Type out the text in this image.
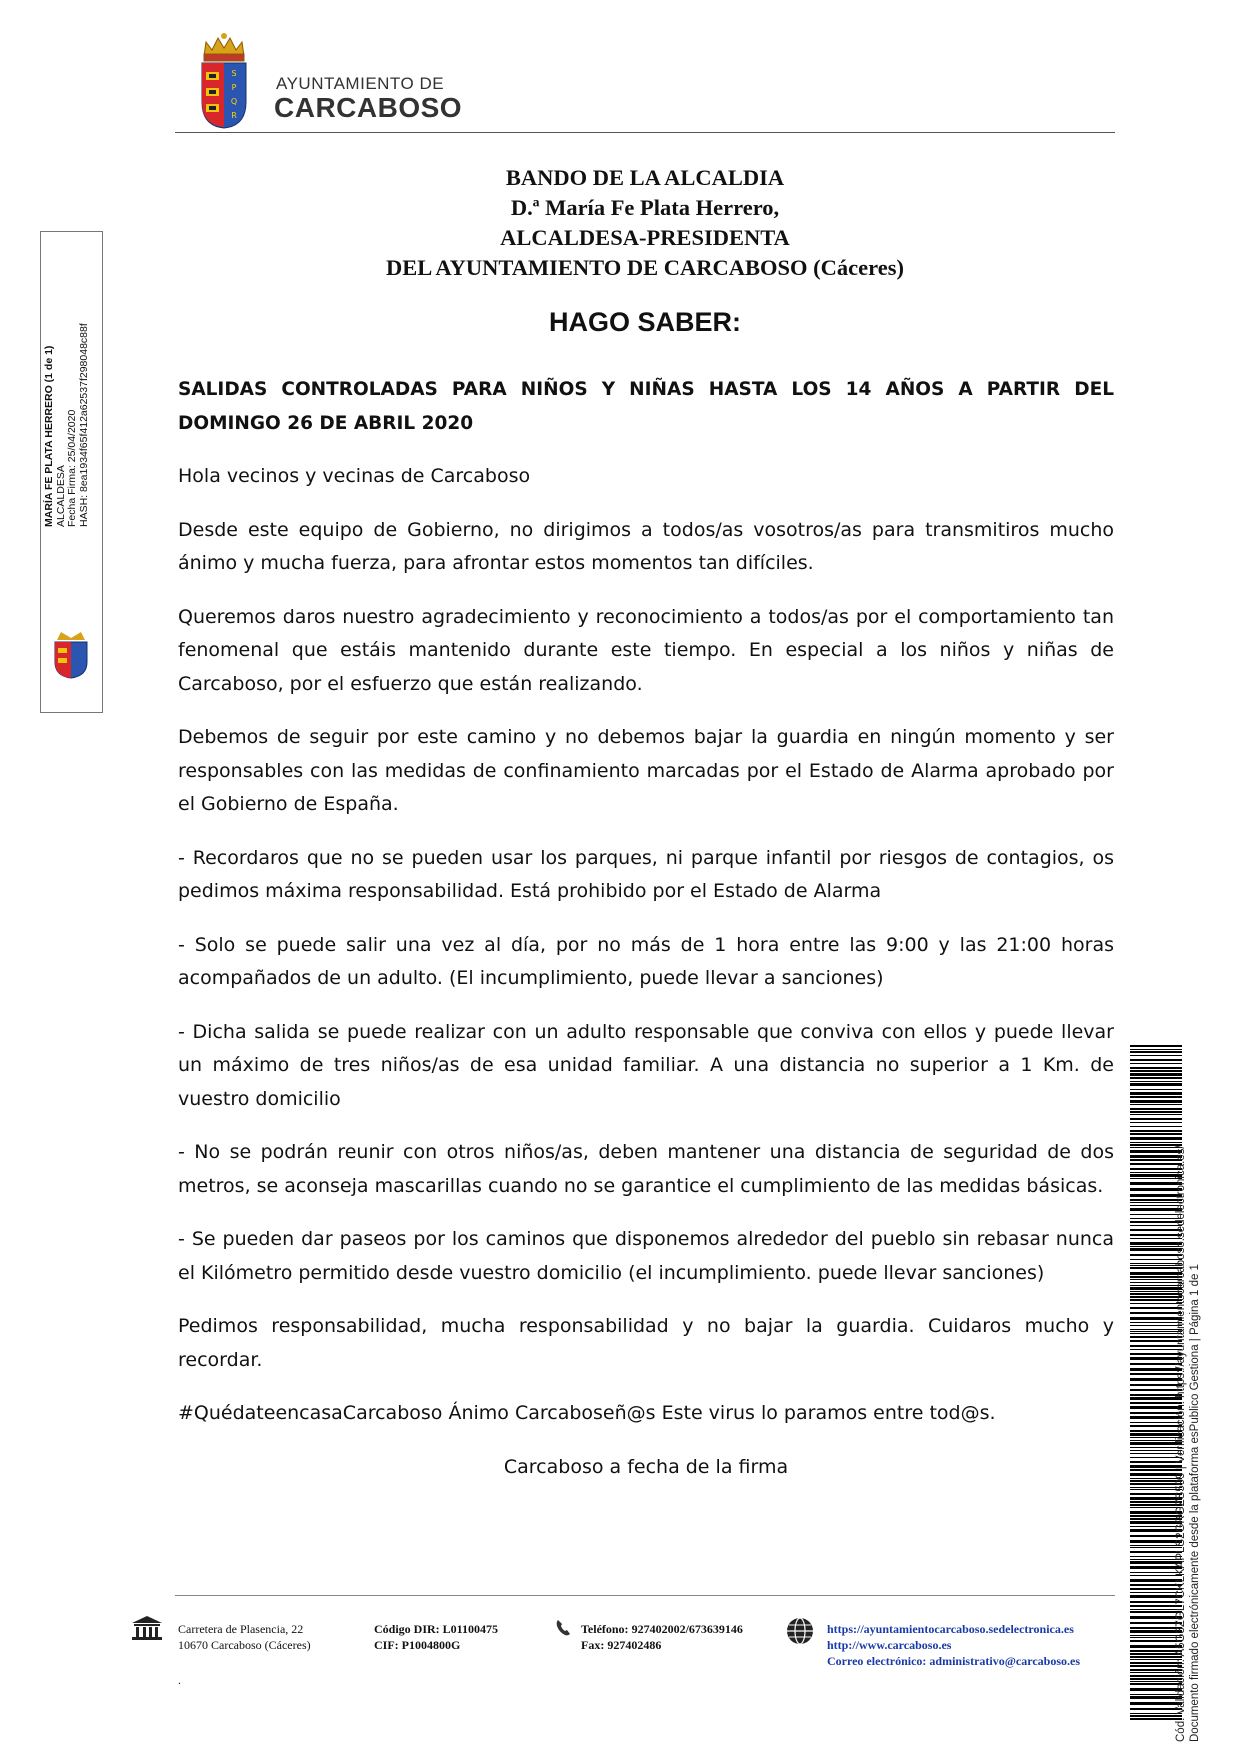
S
P
Q
R
AYUNTAMIENTO DE
CARCABOSO
BANDO DE LA ALCALDIA
D.ª María Fe Plata Herrero,
ALCALDESA-PRESIDENTA
DEL AYUNTAMIENTO DE CARCABOSO (Cáceres)
HAGO SABER:

SALIDAS CONTROLADAS PARA NIÑOS Y NIÑAS HASTA LOS 14 AÑOS A PARTIR DEL DOMINGO 26 DE ABRIL 2020

Hola vecinos y vecinas de Carcaboso

Desde este equipo de Gobierno, no dirigimos a todos/as vosotros/as para transmitiros mucho ánimo y mucha fuerza, para afrontar estos momentos tan difíciles.

Queremos daros nuestro agradecimiento y reconocimiento a todos/as por el comportamiento tan fenomenal que estáis mantenido durante este tiempo. En especial a los niños y niñas de Carcaboso, por el esfuerzo que están realizando.

Debemos de seguir por este camino y no debemos bajar la guardia en ningún momento y ser responsables con las medidas de confinamiento marcadas por el Estado de Alarma aprobado por el Gobierno de España.

- Recordaros que no se pueden usar los parques, ni parque infantil por riesgos de contagios, os pedimos máxima responsabilidad. Está prohibido por el Estado de Alarma

- Solo se puede salir una vez al día, por no más de 1 hora entre las 9:00 y las 21:00 horas acompañados de un adulto. (El incumplimiento, puede llevar a sanciones)

- Dicha salida se puede realizar con un adulto responsable que conviva con ellos y puede llevar un máximo de tres niños/as de esa unidad familiar. A una distancia no superior a 1 Km. de vuestro domicilio

- No se podrán reunir con otros niños/as, deben mantener una distancia de seguridad de dos metros, se aconseja mascarillas cuando no se garantice el cumplimiento de las medidas básicas.

- Se pueden dar paseos por los caminos que disponemos alrededor del pueblo sin rebasar nunca el Kilómetro permitido desde vuestro domicilio (el incumplimiento. puede llevar sanciones)

Pedimos responsabilidad, mucha responsabilidad y no bajar la guardia. Cuidaros mucho y recordar.

#QuédateencasaCarcaboso Ánimo Carcaboseñ@s Este virus lo paramos entre tod@s.

Carcaboso a fecha de la firma

MARÍA FE PLATA HERRERO (1 de 1) ALCALDESA Fecha Firma: 25/04/2020 HASH: 8ea1934f65f412a62537f298048c88f
Cód. Validación: A5G3ZGL7CKLKAPLS2GRGZS599 | Verificación: https://ayuntamientocarcaboso.sedelectronica.es/ Documento firmado electrónicamente desde la plataforma esPublico Gestiona | Página 1 de 1
Carretera de Plasencia, 22
10670 Carcaboso (Cáceres)
Código DIR: L01100475
CIF: P1004800G
Teléfono: 927402002/673639146
Fax: 927402486
https://ayuntamientocarcaboso.sedelectronica.es
http://www.carcaboso.es
Correo electrónico: administrativo@carcaboso.es
.
